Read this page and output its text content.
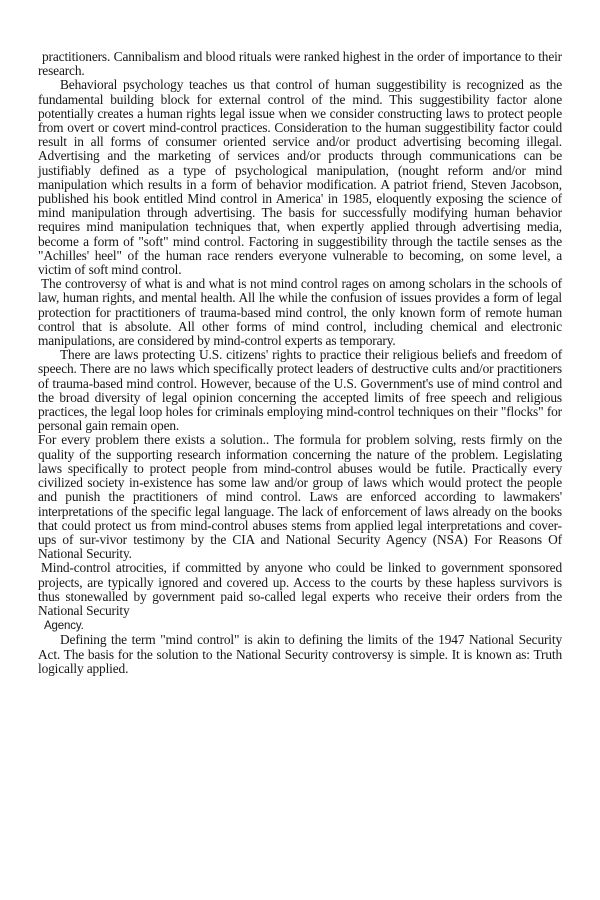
practitioners. Cannibalism and blood rituals were ranked highest in the order of importance to their research.

Behavioral psychology teaches us that control of human suggestibility is recognized as the fundamental building block for external control of the mind. This suggestibility factor alone potentially creates a human rights legal issue when we consider constructing laws to protect people from overt or covert mind-control practices. Consideration to the human suggestibility factor could result in all forms of consumer oriented service and/or product advertising becoming illegal. Advertising and the marketing of services and/or products through communications can be justifiably defined as a type of psychological manipulation, (nought reform and/or mind manipulation which results in a form of behavior modification. A patriot friend, Steven Jacobson, published his book entitled Mind control in America' in 1985, eloquently exposing the science of mind manipulation through advertising. The basis for successfully modifying human behavior requires mind manipulation techniques that, when expertly applied through advertising media, become a form of "soft" mind control. Factoring in suggestibility through the tactile senses as the "Achilles' heel" of the human race renders everyone vulnerable to becoming, on some level, a victim of soft mind control.

The controversy of what is and what is not mind control rages on among scholars in the schools of law, human rights, and mental health. All lhe while the confusion of issues provides a form of legal protection for practitioners of trauma-based mind control, the only known form of remote human control that is absolute. All other forms of mind control, including chemical and electronic manipulations, are considered by mind-control experts as temporary.

There are laws protecting U.S. citizens' rights to practice their religious beliefs and freedom of speech. There are no laws which specifically protect leaders of destructive cults and/or practitioners of trauma-based mind control. However, because of the U.S. Government's use of mind control and the broad diversity of legal opinion concerning the accepted limits of free speech and religious practices, the legal loop holes for criminals employing mind-control techniques on their "flocks" for personal gain remain open.

For every problem there exists a solution.. The formula for problem solving, rests firmly on the quality of the supporting research information concerning the nature of the problem. Legislating laws specifically to protect people from mind-control abuses would be futile. Practically every civilized society in-existence has some law and/or group of laws which would protect the people and punish the practitioners of mind control. Laws are enforced according to lawmakers' interpretations of the specific legal language. The lack of enforcement of laws already on the books that could protect us from mind-control abuses stems from applied legal interpretations and cover-ups of sur-vivor testimony by the CIA and National Security Agency (NSA) For Reasons Of National Security.

Mind-control atrocities, if committed by anyone who could be linked to government sponsored projects, are typically ignored and covered up. Access to the courts by these hapless survivors is thus stonewalled by government paid so-called legal experts who receive their orders from the National Security
Agency.

Defining the term "mind control" is akin to defining the limits of the 1947 National Security Act. The basis for the solution to the National Security controversy is simple. It is known as: Truth logically applied.
